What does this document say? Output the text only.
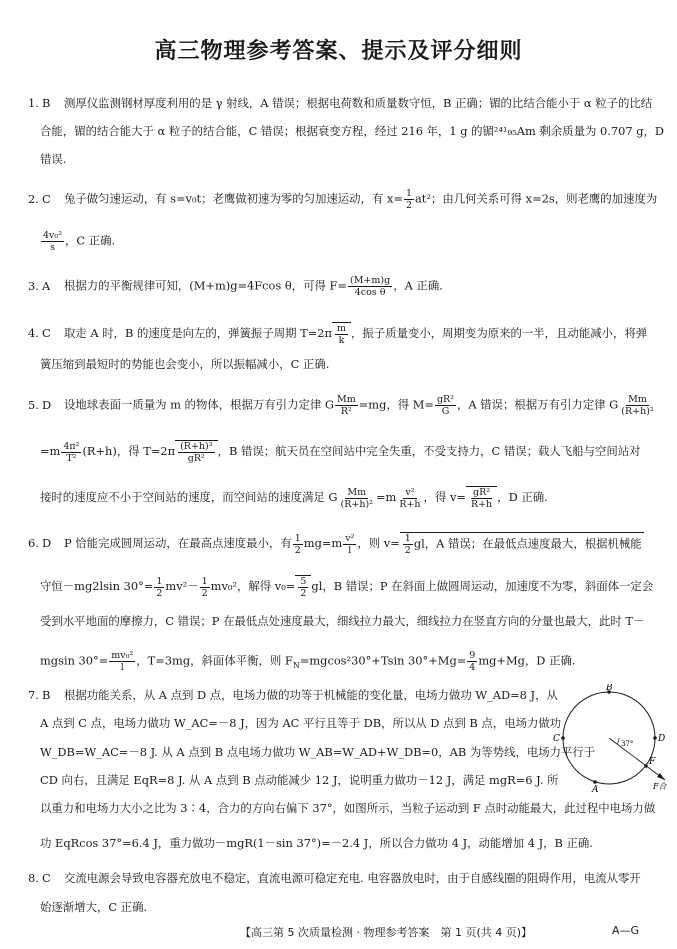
高三物理参考答案、提示及评分细则
1. B 测厚仪监测钢材厚度利用的是 γ 射线，A 错误；根据电荷数和质量数守恒，B 正确；镅的比结合能小于 α 粒子的比结
合能，镅的结合能大于 α 粒子的结合能，C 错误；根据衰变方程，经过 216 年，1 g 的镅²⁴¹₉₅Am 剩余质量为 0.707 g，D
错误.
2. C 兔子做匀速运动，有 s=v₀t；老鹰做初速为零的匀加速运动，有 $x= \frac{1}{2} at^2$；由几何关系可得 x=2s，则老鹰的加速度为
$\frac{\text{4v₀²}}{s}$ ，C 正确.
3. A 根据力的平衡规律可知，(M+m)g=4Fcos θ，可得 $F= \frac{(M+m)g}{\text{4cos θ}}$ ，A 正确.
4. C 取走 A 时，B 的速度是向左的，弹簧振子周期 $T=2\pi \frac{m}{k}$ ，振子质量变小，周期变为原来的一半，且动能减小，将弹
簧压缩到最短时的势能也会变小，所以振幅减小，C 正确.
5. D 设地球表面一质量为 m 的物体，根据万有引力定律 G $\frac{Mm}{\text{R²}} =mg$，得 $M= \frac{\text{gR²}}{G}$ ，A 错误；根据万有引力定律 G $\frac{Mm}{\text{(R+h)²}}$
$=m \frac{\text{4π²}}{\text{T²}} (R+h)$，得 $T=2\pi \frac{\text{(R+h)³}}{\text{gR²}}$ ，B 错误；航天员在空间站中完全失重，不受支持力，C 错误；载人飞船与空间站对
接时的速度应不小于空间站的速度，而空间站的速度满足 G $\frac{Mm}{\text{(R+h)²}} =m \frac{\text{v²}}{R+h}$ ，得 $v= \frac{\text{gR²}}{R+h}$ ，D 正确.
6. D P 恰能完成圆周运动，在最高点速度最小，有 $\frac{1}{2} mg=m \frac{\text{v²}}{l}$ ，则 $v= \frac{1}{2}$ gl，A 错误；在最低点速度最大，根据机械能
守恒－mg2lsin $30^\circ= \frac{1}{2} mv^2- \frac{1}{2} mv_0^2$，解得 $v_0= \frac{5}{2}$ gl，B 错误；P 在斜面上做圆周运动，加速度不为零，斜面体一定会
受到水平地面的摩擦力，C 错误；P 在最低点处速度最大，细线拉力最大，细线拉力在竖直方向的分量也最大，此时 T－
mgsin $30^\circ= \frac{\text{mv₀²}}{l}$ ，T=3mg，斜面体平衡，则 $F_N=mgcos^230^\circ+Tsin$ $30^\circ+Mg= \frac{9}{4} mg+Mg$，D 正确.
7. B 根据功能关系，从 A 点到 D 点，电场力做的功等于机械能的变化量，电场力做功 W_AD=8 J，从
A 点到 C 点，电场力做功 W_AC=－8 J，因为 AC 平行且等于 DB，所以从 D 点到 B 点，电场力做功
W_DB=W_AC=－8 J. 从 A 点到 B 点电场力做功 W_AB=W_AD+W_DB=0，AB 为等势线，电场力平行于
CD 向右，且满足 EqR=8 J. 从 A 点到 B 点动能减少 12 J，说明重力做功－12 J，满足 mgR=6 J. 所
以重力和电场力大小之比为 3∶4，合力的方向右偏下 37°，如图所示，当粒子运动到 F 点时动能最大，此过程中电场力做
功 EqRcos 37°=6.4 J，重力做功－mgR(1－sin 37°)=－2.4 J，所以合力做功 4 J，动能增加 4 J，B 正确.
B
C	D
A
F
37°
F合
8. C 交流电源会导致电容器充放电不稳定，直流电源可稳定充电. 电容器放电时，由于自感线圈的阻碍作用，电流从零开
始逐渐增大，C 正确.
【高三第 5 次质量检测 · 物理参考答案　第 1 页(共 4 页)】	A—G
